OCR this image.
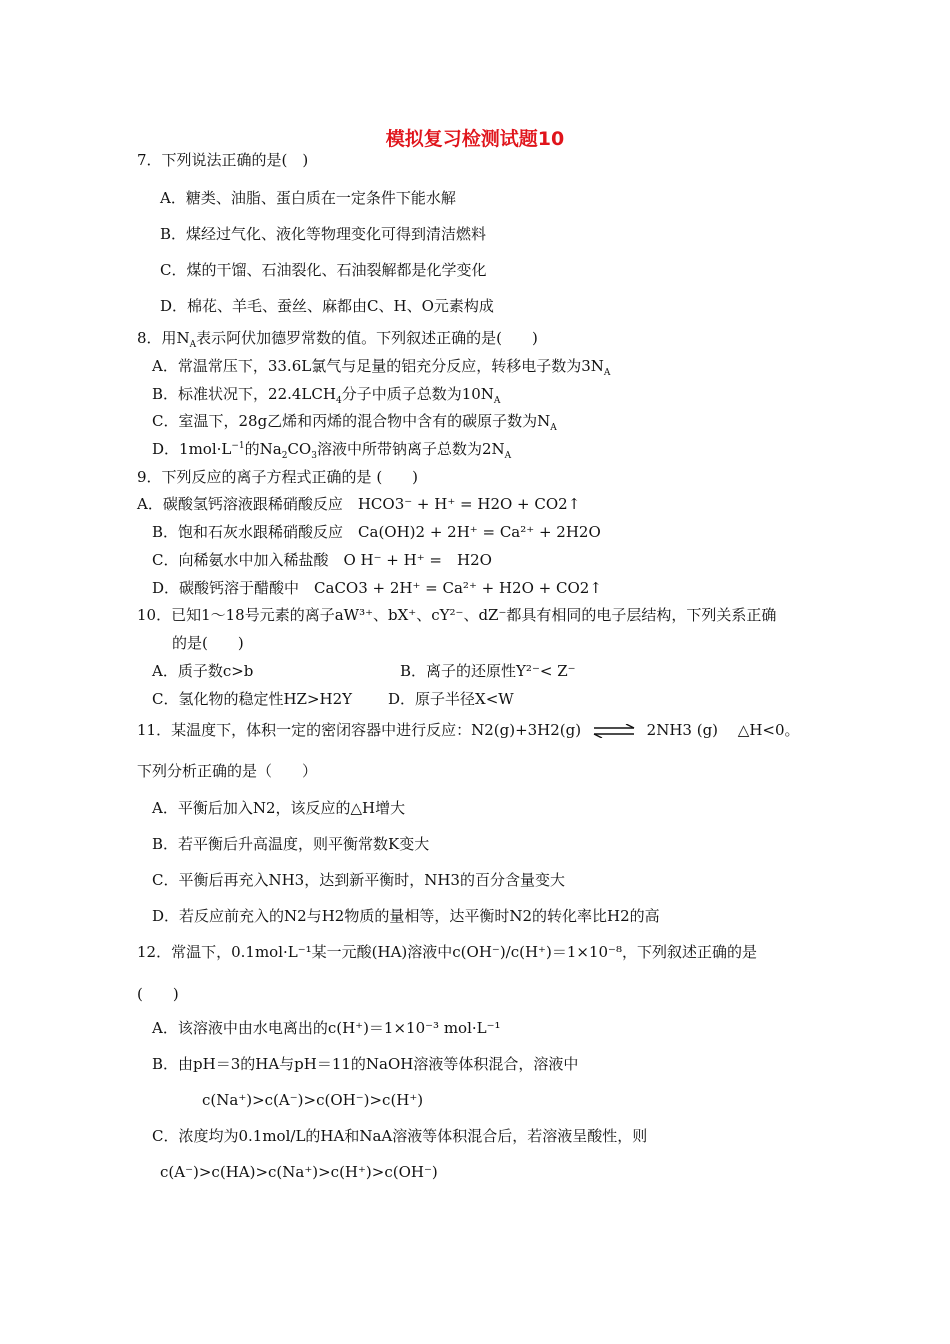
模拟复习检测试题10
7．下列说法正确的是(　)
A．糖类、油脂、蛋白质在一定条件下能水解
B．煤经过气化、液化等物理变化可得到清洁燃料
C．煤的干馏、石油裂化、石油裂解都是化学变化
D．棉花、羊毛、蚕丝、麻都由C、H、O元素构成
8．用$N_A$表示阿伏加德罗常数的值。下列叙述正确的是(　　)
A．常温常压下，33.6L氯气与足量的铝充分反应，转移电子数为$3N_A$
B．标准状况下，$22.4LCH_4$分子中质子总数为$10N_A$
C．室温下，28g乙烯和丙烯的混合物中含有的碳原子数为$N_A$
D．$1mol\cdot L^{-1}$的$Na_2CO_3$溶液中所带钠离子总数为$2N_A$
9．下列反应的离子方程式正确的是 (　　)
A．碳酸氢钙溶液跟稀硝酸反应　HCO3⁻ + H⁺ = H2O + CO2↑
B．饱和石灰水跟稀硝酸反应　Ca(OH)2 + 2H⁺ = Ca²⁺ + 2H2O
C．向稀氨水中加入稀盐酸　O H⁻ + H⁺ =　H2O
D．碳酸钙溶于醋酸中　CaCO3 + 2H⁺ = Ca²⁺ + H2O + CO2↑
10．已知1～18号元素的离子aW³⁺、bX⁺、cY²⁻、dZ⁻都具有相同的电子层结构，下列关系正确
的是(　　)
A．质子数c>b	B．离子的还原性Y²⁻< Z⁻
C．氢化物的稳定性HZ>H2Y D．原子半径X<W
11．某温度下，体积一定的密闭容器中进行反应：N2(g)+3H2(g) ⇌ 2NH3 (g)　 △H<0。
下列分析正确的是（　　）
A．平衡后加入N2，该反应的△H增大
B．若平衡后升高温度，则平衡常数K变大
C．平衡后再充入NH3，达到新平衡时，NH3的百分含量变大
D．若反应前充入的N2与H2物质的量相等，达平衡时N2的转化率比H2的高
12．常温下，0.1mol·L⁻¹某一元酸(HA)溶液中c(OH⁻)/c(H⁺)＝1×10⁻⁸，下列叙述正确的是
(　　)
A．该溶液中由水电离出的c(H⁺)＝1×10⁻³ mol·L⁻¹
B．由pH＝3的HA与pH＝11的NaOH溶液等体积混合，溶液中
c(Na⁺)>c(A⁻)>c(OH⁻)>c(H⁺)
C．浓度均为0.1mol/L的HA和NaA溶液等体积混合后，若溶液呈酸性，则
c(A⁻)>c(HA)>c(Na⁺)>c(H⁺)>c(OH⁻)
